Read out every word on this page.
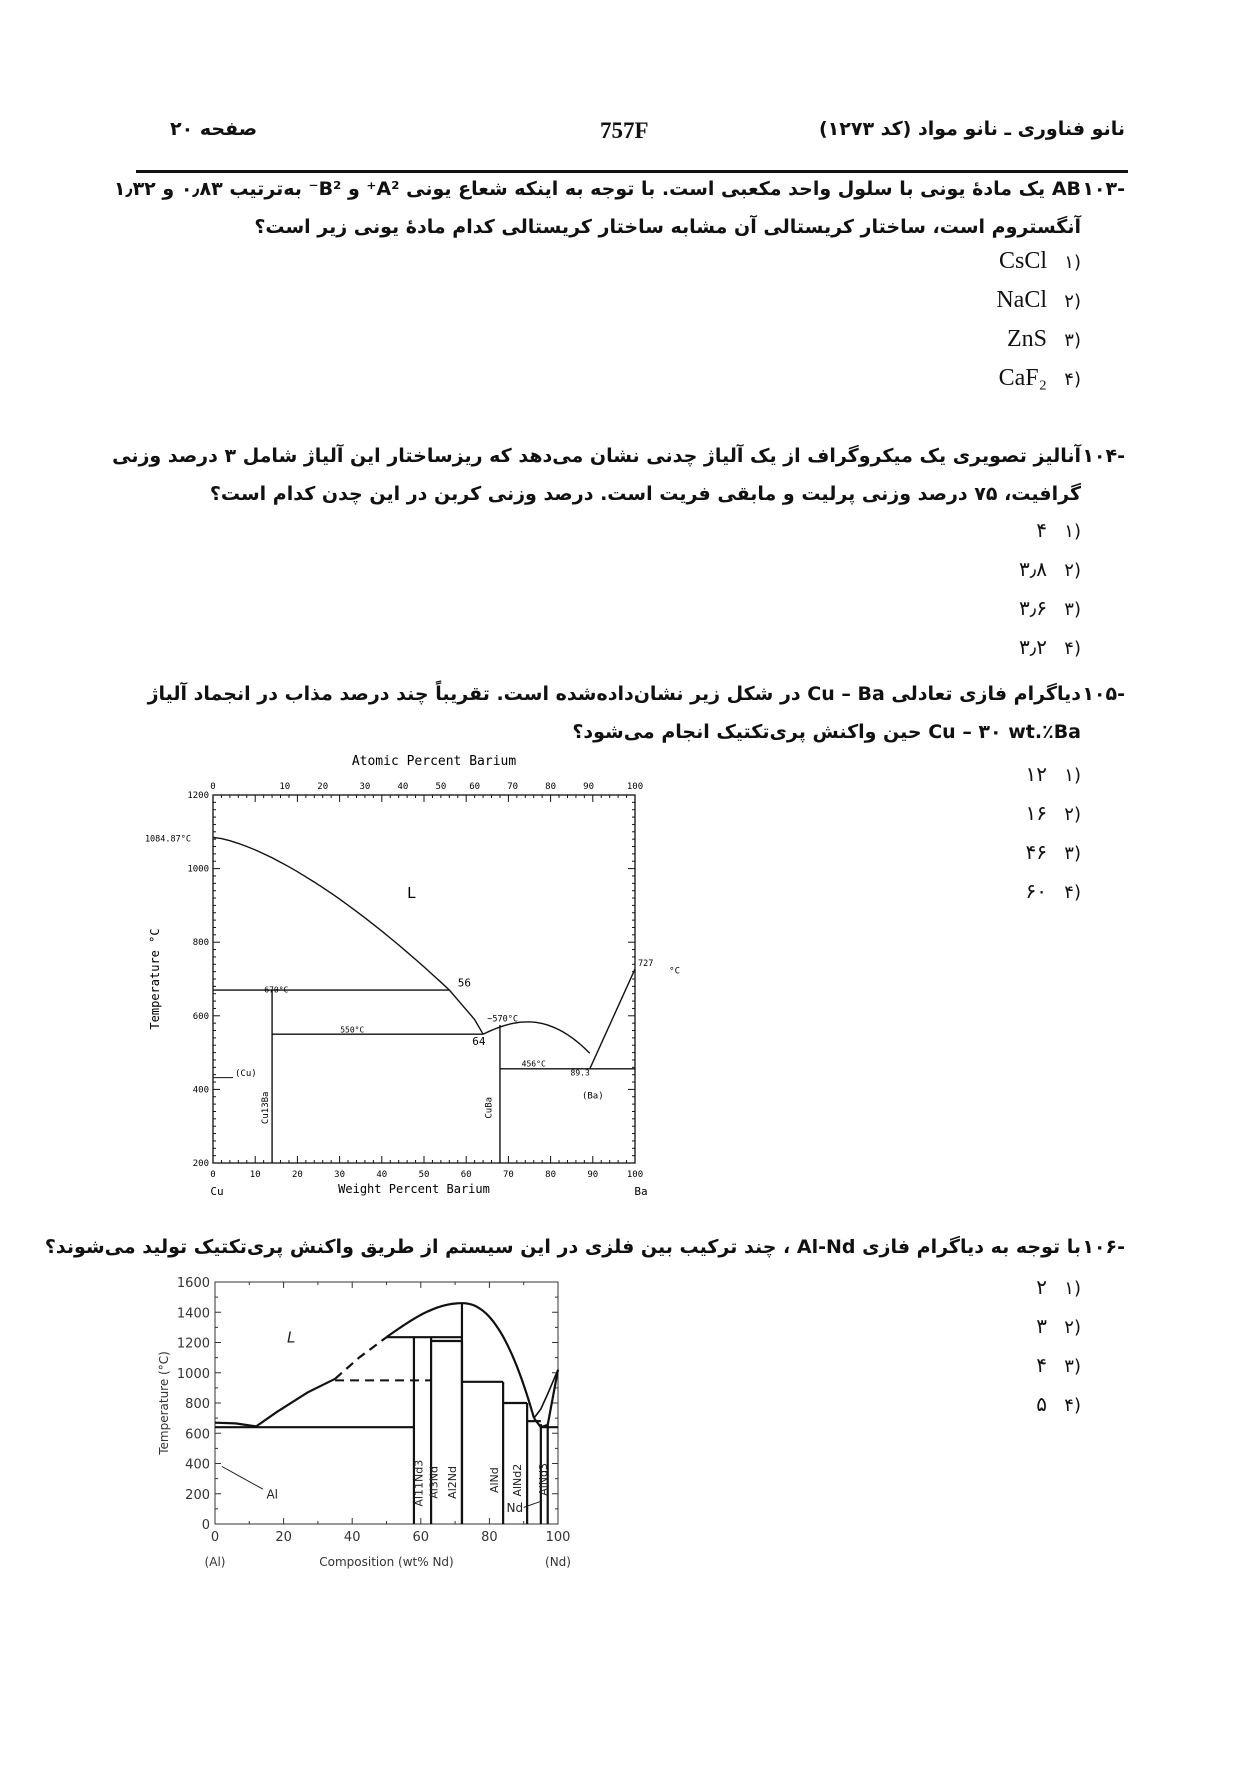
نانو فناوری ـ نانو مواد (کد ۱۲۷۳)
757F
صفحه ۲۰
-۱۰۳AB یک مادهٔ یونی با سلول واحد مکعبی است. با توجه به اینکه شعاع یونی A²⁺ و B²⁻ به‌ترتیب ۰٫۸۳ و ۱٫۳۲
آنگستروم است، ساختار کریستالی آن مشابه ساختار کریستالی کدام مادهٔ یونی زیر است؟
(۱CsCl
(۲NaCl
(۳ZnS
(۴CaF₂
-۱۰۴آنالیز تصویری یک میکروگراف از یک آلیاژ چدنی نشان می‌دهد که ریزساختار این آلیاژ شامل ۳ درصد وزنی
گرافیت، ۷۵ درصد وزنی پرلیت و مابقی فریت است. درصد وزنی کربن در این چدن کدام است؟
(۱۴
(۲۳٫۸
(۳۳٫۶
(۴۳٫۲
-۱۰۵دیاگرام فازی تعادلی Cu – Ba در شکل زیر نشان‌داده‌شده است. تقریباً چند درصد مذاب در انجماد آلیاژ
Cu – ۳۰ wt.٪Ba حین واکنش پری‌تکتیک انجام می‌شود؟
(۱۱۲
(۲۱۶
(۳۴۶
(۴۶۰
Atomic Percent Barium
0	10	20	30	40	50	60	70	80	90	100
0	10	20	30	40	50	60	70	80	90	100
200
400
600
800
1000
1200
Temperature °C
Weight Percent Barium
Cu	Ba
1084.87°C
L
670°C
56
550°C
64
~570°C
456°C
89.3
727
(Cu)
Cu13Ba	CuBa
(Ba)
°C
-۱۰۶با توجه به دیاگرام فازی Al-Nd ، چند ترکیب بین فلزی در این سیستم از طریق واکنش پری‌تکتیک تولید می‌شوند؟
(۱۲
(۲۳
(۳۴
(۴۵
0	20	40	60	80	100
0
200
400
600
800
1000
1200
1400
1600
Temperature (°C)
Composition (wt% Nd)
(Al)	(Nd)
Al11Nd3 Al3Nd Al2Nd	AlNd AlNd2 AlNd3
L
Al
Nd
